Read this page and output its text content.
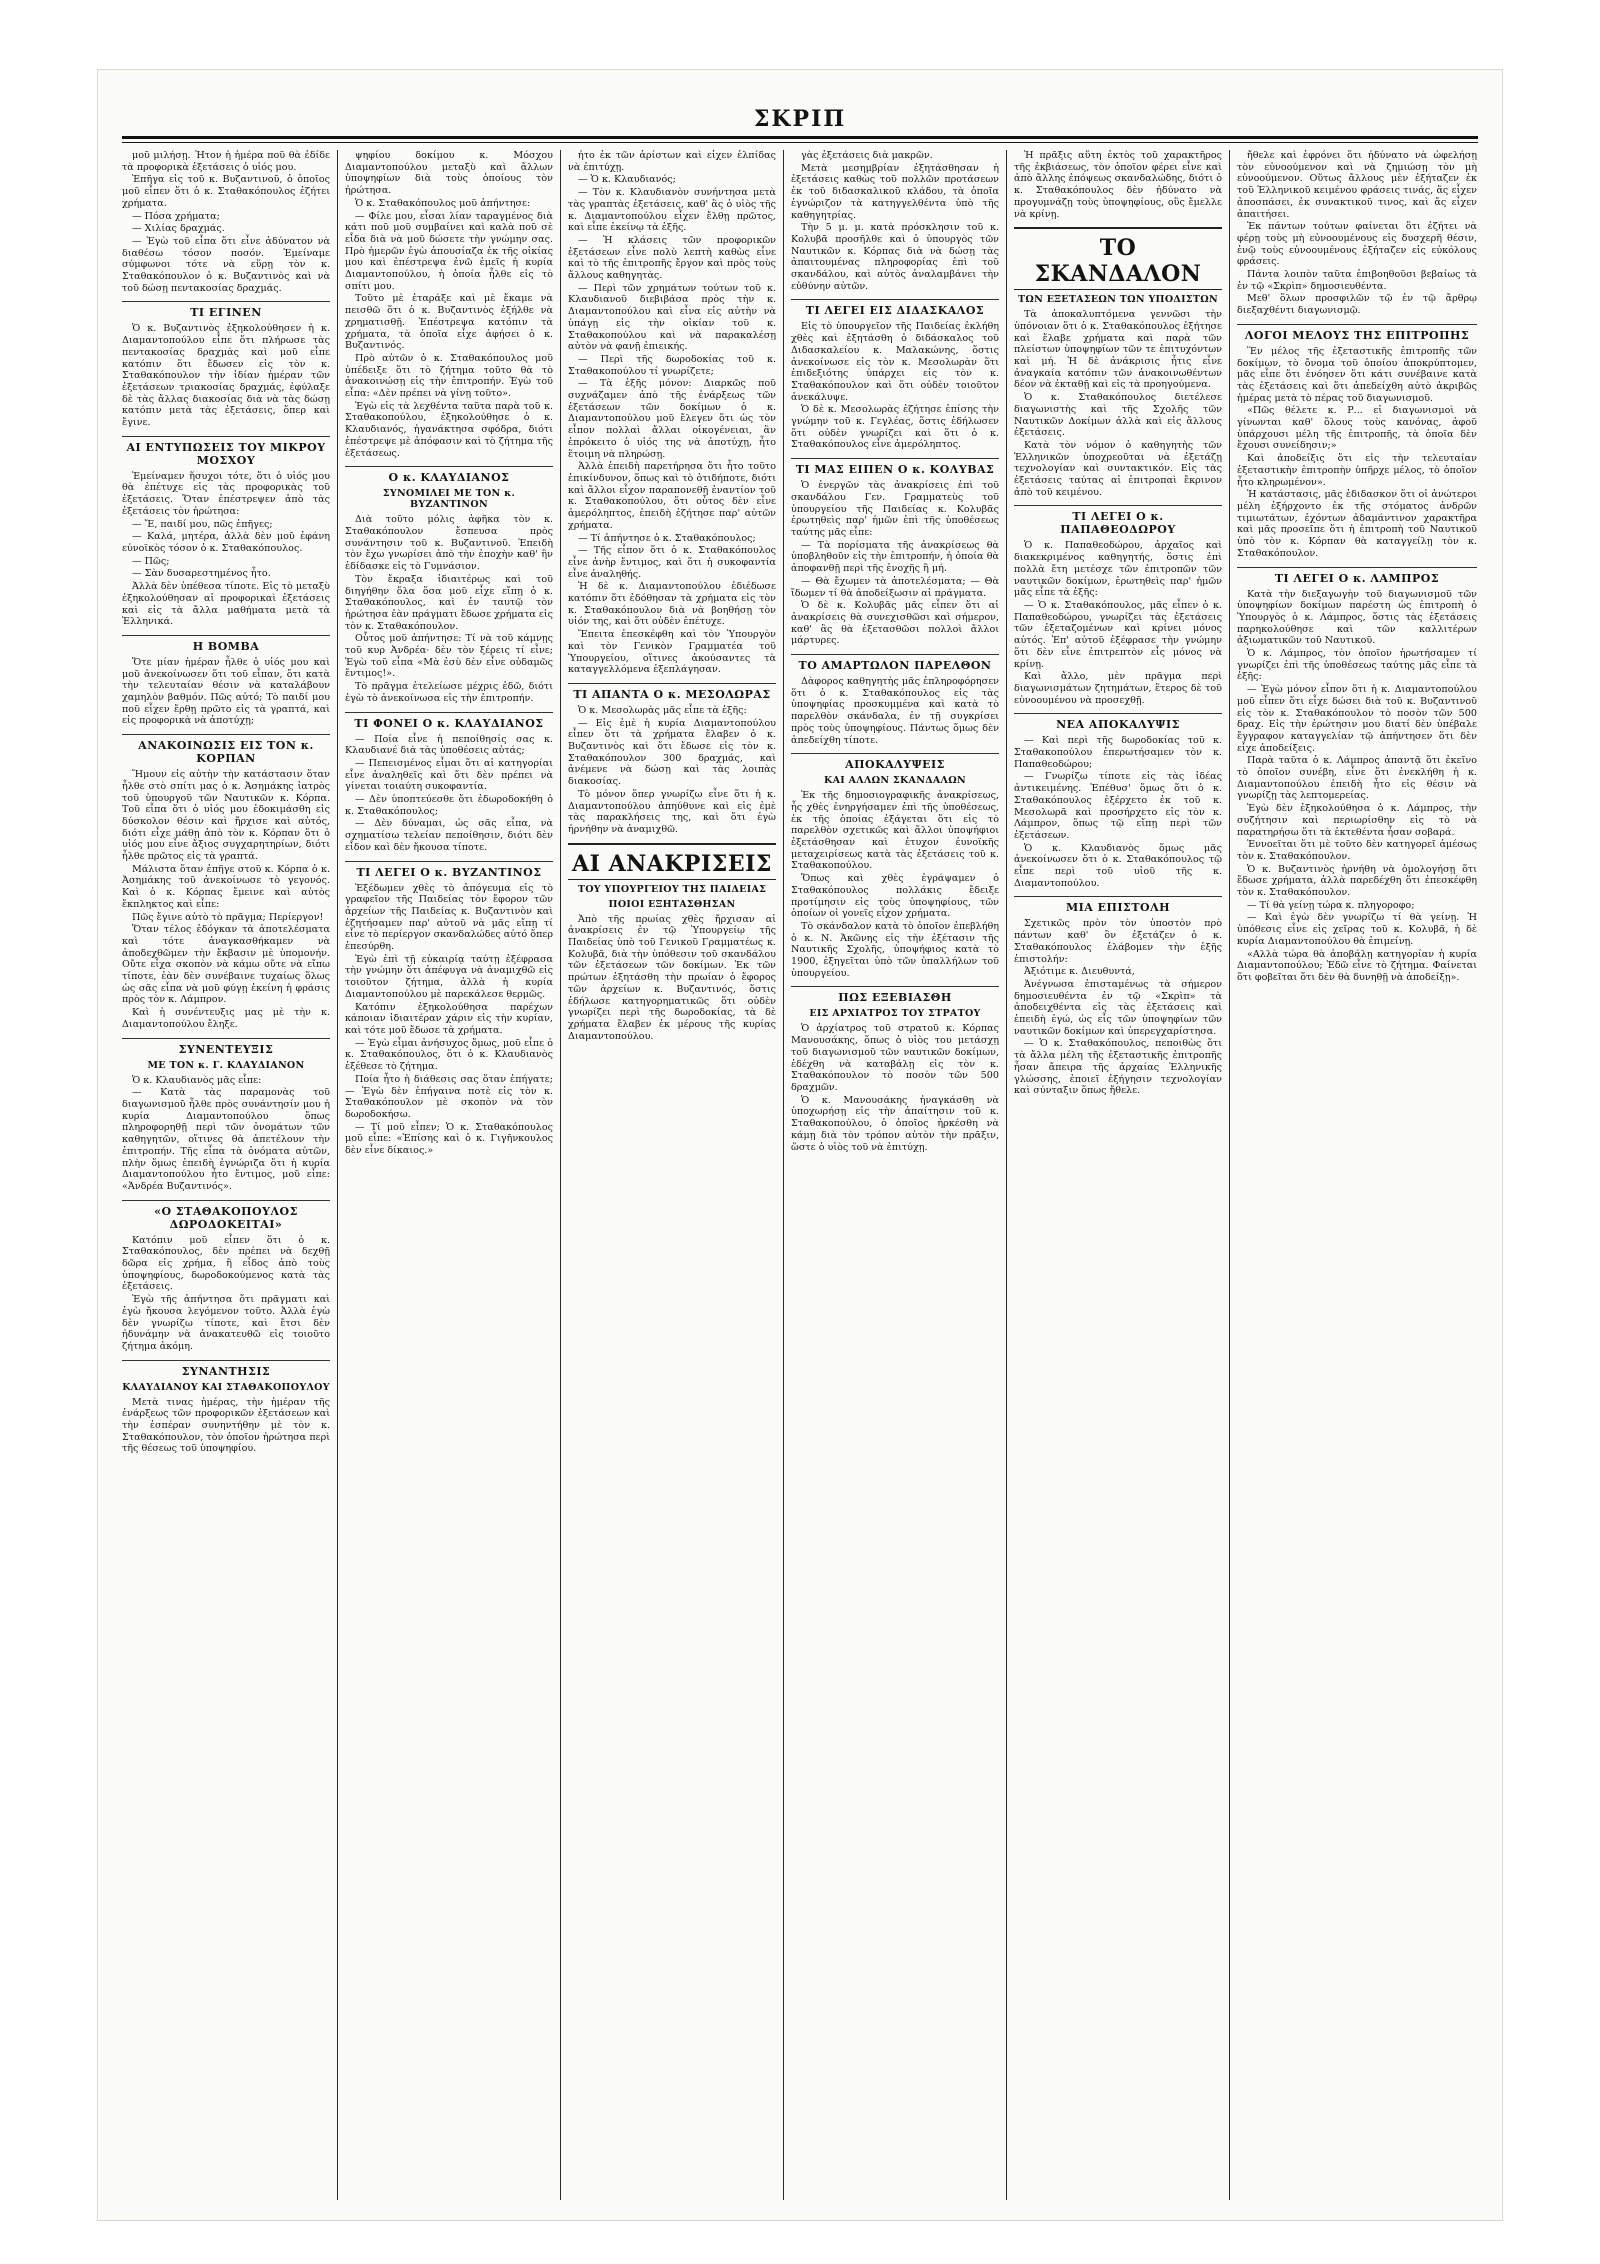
ΣΚΡΙΠ

μοῦ μιλήσῃ. Ἦτον ἡ ἡμέρα ποῦ θὰ ἐδίδε τὰ προφορικὰ ἐξετάσεις ὁ υἱός μου.

Ἐπῆγα εἰς τοῦ κ. Βυζαντινοῦ, ὁ ὁποῖος μοῦ εἶπεν ὅτι ὁ κ. Σταθακόπουλος ἐζήτει χρήματα.

— Πόσα χρήματα;

— Χιλίας δραχμάς.

— Ἐγὼ τοῦ εἶπα ὅτι εἶνε ἀδύνατον νὰ διαθέσω τόσον ποσόν. Ἐμείναμε σύμφωνοι τότε νὰ εὕρῃ τὸν κ. Σταθακόπουλον ὁ κ. Βυζαντινὸς καὶ νὰ τοῦ δώσῃ πεντακοσίας δραχμάς.

ΤΙ ΕΓΙΝΕΝ

Ὁ κ. Βυζαντινὸς ἐξηκολούθησεν ἡ κ. Διαμαντοπούλου εἶπε ὅτι πλήρωσε τὰς πεντακοσίας δραχμὰς καὶ μοῦ εἶπε κατόπιν ὅτι ἔδωσεν εἰς τὸν κ. Σταθακόπουλον τὴν ἰδίαν ἡμέραν τῶν ἐξετάσεων τριακοσίας δραχμάς, ἐφύλαξε δὲ τὰς ἄλλας διακοσίας διὰ νὰ τὰς δώσῃ κατόπιν μετὰ τὰς ἐξετάσεις, ὅπερ καὶ ἔγινε.

ΑΙ ΕΝΤΥΠΩΣΕΙΣ ΤΟΥ ΜΙΚΡΟΥ ΜΟΣΧΟΥ

Ἐμείναμεν ἥσυχοι τότε, ὅτι ὁ υἱός μου θὰ ἐπέτυχε εἰς τὰς προφορικὰς τοῦ ἐξετάσεις. Ὅταν ἐπέστρεψεν ἀπὸ τὰς ἐξετάσεις τὸν ἠρώτησα:

— Ἔ, παιδί μου, πῶς ἐπῆγες;

— Καλά, μητέρα, ἀλλὰ δὲν μοῦ ἐφάνη εὐνοϊκὸς τόσον ὁ κ. Σταθακόπουλος.

— Πῶς;

— Σὰν δυσαρεστημένος ἦτο.

Ἀλλὰ δὲν ὑπέθεσα τίποτε. Εἰς τὸ μεταξὺ ἐξηκολούθησαν αἱ προφορικαὶ ἐξετάσεις καὶ εἰς τὰ ἄλλα μαθήματα μετὰ τὰ Ἑλληνικά.

Η ΒΟΜΒΑ

Ὅτε μίαν ἡμέραν ἦλθε ὁ υἱός μου καὶ μοῦ ἀνεκοίνωσεν ὅτι τοῦ εἶπαν, ὅτι κατὰ τὴν τελευταίαν θέσιν νὰ καταλάβουν χαμηλὸν βαθμόν. Πῶς αὐτό; Τὸ παιδί μου ποῦ εἶχεν ἔρθῃ πρῶτο εἰς τὰ γραπτά, καὶ εἰς προφορικὰ νὰ ἀποτύχῃ;

ΑΝΑΚΟΙΝΩΣΙΣ ΕΙΣ ΤΟΝ κ. ΚΟΡΠΑΝ

Ἤμουν εἰς αὐτὴν τὴν κατάστασιν ὅταν ἦλθε στὸ σπίτι μας ὁ κ. Ἀσημάκης ἰατρὸς τοῦ ὑπουργοῦ τῶν Ναυτικῶν κ. Κόρπα. Τοῦ εἶπα ὅτι ὁ υἱός μου ἐδοκιμάσθη εἰς δύσκολον θέσιν καὶ ἤρχισε καὶ αὐτός, διότι εἶχε μάθῃ ἀπὸ τὸν κ. Κόρπαν ὅτι ὁ υἱός μου εἶνε ἄξιος συγχαρητηρίων, διότι ἦλθε πρῶτος εἰς τὰ γραπτά.

Μάλιστα ὅταν ἐπῆγε στοῦ κ. Κόρπα ὁ κ. Ἀσημάκης τοῦ ἀνεκοίνωσε τὸ γεγονός. Καὶ ὁ κ. Κόρπας ἔμεινε καὶ αὐτὸς ἔκπληκτος καὶ εἶπε:

Πῶς ἔγινε αὐτὸ τὸ πρᾶγμα; Περίεργον!

Ὅταν τέλος ἐδόγκαν τὰ ἀποτελέσματα καὶ τότε ἀναγκασθήκαμεν νὰ ἀποδεχθῶμεν τὴν ἔκβασιν μὲ ὑπομονήν. Οὔτε εἶχα σκοπὸν νὰ κάμω οὔτε νὰ εἴπω τίποτε, ἐὰν δὲν συνέβαινε τυχαίως ὅλως ὡς σᾶς εἶπα νὰ μοῦ φύγῃ ἐκείνη ἡ φράσις πρὸς τὸν κ. Λάμπρον.

Καὶ ἡ συνέντευξις μας μὲ τὴν κ. Διαμαντοπούλου ἔληξε.

ΣΥΝΕΝΤΕΥΞΙΣ
ΜΕ ΤΟΝ κ. Γ. ΚΛΑΥΔΙΑΝΟΝ

Ὁ κ. Κλαυδιανὸς μᾶς εἶπε:

— Κατὰ τὰς παραμονὰς τοῦ διαγωνισμοῦ ἦλθε πρὸς συνάντησίν μου ἡ κυρία Διαμαντοπούλου ὅπως πληροφορηθῇ περὶ τῶν ὀνομάτων τῶν καθηγητῶν, οἵτινες θὰ ἀπετέλουν τὴν ἐπιτροπήν. Τῆς εἶπα τὰ ὀνόματα αὐτῶν, πλὴν ὅμως ἐπειδὴ ἐγνώριζα ὅτι ἡ κυρία Διαμαντοπούλου ἦτο ἔντιμος, μοῦ εἶπε: «Ἀνδρέα Βυζαντινός».

«Ο ΣΤΑΘΑΚΟΠΟΥΛΟΣ ΔΩΡΟΔΟΚΕΙΤΑΙ»

Κατόπιν μοῦ εἶπεν ὅτι ὁ κ. Σταθακόπουλος, δὲν πρέπει νὰ δεχθῇ δῶρα εἰς χρήμα, ἢ εἶδος ἀπὸ τοὺς ὑποψηφίους, δωροδοκούμενος κατὰ τὰς ἐξετάσεις.

Ἐγὼ τῆς ἀπήντησα ὅτι πρᾶγματι καὶ ἐγὼ ἤκουσα λεγόμενον τοῦτο. Ἀλλὰ ἐγὼ δὲν γνωρίζω τίποτε, καὶ ἔτσι δὲν ἠδυνάμην νὰ ἀνακατευθῶ εἰς τοιοῦτο ζήτημα ἀκόμη.

ΣΥΝΑΝΤΗΣΙΣ
ΚΛΑΥΔΙΑΝΟΥ ΚΑΙ ΣΤΑΘΑΚΟΠΟΥΛΟΥ

Μετὰ τινας ἡμέρας, τὴν ἡμέραν τῆς ἐνάρξεως τῶν προφορικῶν ἐξετάσεων καὶ τὴν ἑσπέραν συνηντήθην μὲ τὸν κ. Σταθακόπουλον, τὸν ὁποῖον ἠρώτησα περὶ τῆς θέσεως τοῦ ὑποψηφίου.

ψηφίου δοκίμου κ. Μόσχου Διαμαντοπούλου μεταξὺ καὶ ἄλλων ὑποψηφίων διὰ τοὺς ὁποίους τὸν ἠρώτησα.

Ὁ κ. Σταθακόπουλος μοῦ ἀπήντησε:

— Φίλε μου, εἶσαι λίαν ταραγμένος διὰ κάτι ποῦ μοῦ συμβαίνει καὶ καλὰ ποῦ σὲ εἶδα διὰ νὰ μοῦ δώσετε τὴν γνώμην σας. Πρὸ ἡμερῶν ἐγὼ ἀπουσίαζα ἐκ τῆς οἰκίας μου καὶ ἐπέστρεψα ἐνῶ ἐμεῖς ἡ κυρία Διαμαντοπούλου, ἡ ὁποία ἦλθε εἰς τὸ σπίτι μου.

Τοῦτο μὲ ἐταράξε καὶ μὲ ἔκαμε νὰ πεισθῶ ὅτι ὁ κ. Βυζαντινὸς ἐξήλθε νὰ χρηματισθῇ. Ἐπέστρεψα κατόπιν τὰ χρήματα, τὰ ὁποῖα εἶχε ἀφήσει ὁ κ. Βυζαντινός.

Πρὸ αὐτῶν ὁ κ. Σταθακόπουλος μοῦ ὑπέδειξε ὅτι τὸ ζήτημα τοῦτο θὰ τὸ ἀνακοινώσῃ εἰς τὴν ἐπιτροπήν. Ἐγὼ τοῦ εἶπα: «Δὲν πρέπει νὰ γίνῃ τοῦτο».

Ἐγὼ εἰς τὰ λεχθέντα ταῦτα παρὰ τοῦ κ. Σταθακοπούλου, ἐξηκολούθησε ὁ κ. Κλαυδιανός, ἠγανάκτησα σφόδρα, διότι ἐπέστρεψε μὲ ἀπόφασιν καὶ τὸ ζήτημα τῆς ἐξετάσεως.

Ο κ. ΚΛΑΥΔΙΑΝΟΣ
ΣΥΝΟΜΙΛΕΙ ΜΕ ΤΟΝ κ. ΒΥΖΑΝΤΙΝΟΝ

Διὰ τοῦτο μόλις ἀφῆκα τὸν κ. Σταθακόπουλον ἔσπευσα πρὸς συνάντησιν τοῦ κ. Βυζαντινοῦ. Ἐπειδὴ τὸν ἔχω γνωρίσει ἀπὸ τὴν ἐποχὴν καθ' ἣν ἐδίδασκε εἰς τὸ Γυμνάσιον.

Τὸν ἔκραξα ἰδιαιτέρως καὶ τοῦ διηγήθην ὅλα ὅσα μοῦ εἶχε εἴπῃ ὁ κ. Σταθακόπουλος, καὶ ἐν ταυτῷ τὸν ἠρώτησα ἐὰν πράγματι ἔδωσε χρήματα εἰς τὸν κ. Σταθακόπουλον.

Οὗτος μοῦ ἀπήντησε: Τί νὰ τοῦ κάμνῃς τοῦ κυρ Ἀνδρέα· δὲν τὸν ξέρεις τί εἶνε; Ἐγὼ τοῦ εἶπα «Μὰ ἐσὺ δὲν εἶνε οὐδαμῶς ἔντιμος!».

Τὸ πρᾶγμα ἐτελείωσε μέχρις ἐδῶ, διότι ἐγὼ τὸ ἀνεκοίνωσα εἰς τὴν ἐπιτροπήν.

ΤΙ ΦΟΝΕΙ Ο κ. ΚΛΑΥΔΙΑΝΟΣ

— Ποία εἶνε ἡ πεποίθησίς σας κ. Κλαυδιανέ διὰ τὰς ὑποθέσεις αὐτάς;

— Πεπεισμένος εἶμαι ὅτι αἱ κατηγορίαι εἶνε ἀναληθεῖς καὶ ὅτι δὲν πρέπει νὰ γίνεται τοιαύτη συκοφαντία.

— Δὲν ὑποπτεύεσθε ὅτι ἐδωροδοκήθη ὁ κ. Σταθακόπουλος;

— Δὲν δύναμαι, ὡς σᾶς εἶπα, νὰ σχηματίσω τελείαν πεποίθησιν, διότι δὲν εἶδον καὶ δὲν ἤκουσα τίποτε.

ΤΙ ΛΕΓΕΙ Ο κ. ΒΥΖΑΝΤΙΝΟΣ

Ἐξέδωμεν χθὲς τὸ ἀπόγευμα εἰς τὸ γραφεῖον τῆς Παιδείας τὸν ἔφορον τῶν ἀρχείων τῆς Παιδείας κ. Βυζαντινὸν καὶ ἐζητήσαμεν παρ' αὐτοῦ νὰ μᾶς εἴπῃ τί εἶνε τὸ περίεργον σκανδαλώδες αὐτό ὅπερ ἐπεσύρθη.

Ἐγὼ ἐπὶ τῇ εὐκαιρίᾳ ταύτῃ ἐξέφρασα τὴν γνώμην ὅτι ἀπέφυγα νὰ ἀναμιχθῶ εἰς τοιοῦτον ζήτημα, ἀλλὰ ἡ κυρία Διαμαντοπούλου μὲ παρεκάλεσε θερμῶς.

Κατόπιν ἐξηκολούθησα παρέχων κάποιαν ἰδιαιτέραν χάριν εἰς τὴν κυρίαν, καὶ τότε μοῦ ἔδωσε τὰ χρήματα.

— Ἐγὼ εἶμαι ἀνήσυχος ὅμως, μοῦ εἶπε ὁ κ. Σταθακόπουλος, ὅτι ὁ κ. Κλαυδιανὸς ἐξέθεσε τὸ ζήτημα.

Ποία ἦτο ἡ διάθεσις σας ὅταν ἐπήγατε; — Ἐγὼ δὲν ἐπήγαινα ποτὲ εἰς τὸν κ. Σταθακόπουλον μὲ σκοπὸν νὰ τὸν δωροδοκήσω.

— Τί μοῦ εἶπεν; Ὁ κ. Σταθακόπουλος μοῦ εἶπε: «Ἐπίσης καὶ ὁ κ. Γιγῆνκουλος δὲν εἶνε δίκαιος.»

ἦτο ἐκ τῶν ἀρίστων καὶ εἶχεν ἐλπίδας νὰ ἐπιτύχῃ.

— Ὁ κ. Κλαυδιανός;

— Τὸν κ. Κλαυδιανὸν συνήντησα μετὰ τὰς γραπτὰς ἐξετάσεις, καθ' ἃς ὁ υἱὸς τῆς κ. Διαμαντοπούλου εἶχεν ἔλθῃ πρῶτος, καὶ εἶπε ἐκείνῳ τὰ ἑξῆς.

— Ἡ κλάσεις τῶν προφορικῶν ἐξετάσεων εἶνε πολὺ λεπτὴ καθὼς εἶνε καὶ τὸ τῆς ἐπιτροπῆς ἔργον καὶ πρὸς τοὺς ἄλλους καθηγητὰς.

— Περὶ τῶν χρημάτων τούτων τοῦ κ. Κλαυδιανοῦ διεβιβάσα πρὸς τὴν κ. Διαμαντοπούλου καὶ εἶνα εἰς αὐτὴν νὰ ὑπάγῃ εἰς τὴν οἰκίαν τοῦ κ. Σταθακοπούλου καὶ νὰ παρακαλέσῃ αὐτὸν νὰ φανῇ ἐπιεικής.

— Περὶ τῆς δωροδοκίας τοῦ κ. Σταθακοπούλου τί γνωρίζετε;

— Τὰ ἑξῆς μόνον: Διαρκῶς ποῦ συχνάζαμεν ἀπὸ τῆς ἐνάρξεως τῶν ἐξετάσεων τῶν δοκίμων ὁ κ. Διαμαντοπούλου μοῦ ἔλεγεν ὅτι ὡς τὸν εἶπον πολλαὶ ἄλλαι οἰκογένειαι, ἂν ἐπρόκειτο ὁ υἱός της νὰ ἀποτύχῃ, ἦτο ἕτοιμη νὰ πληρώσῃ.

Ἀλλὰ ἐπειδὴ παρετήρησα ὅτι ἦτο τοῦτο ἐπικίνδυνον, ὅπως καὶ τὸ ὁτιδήποτε, διότι καὶ ἄλλοι εἶχον παραπονεθῆ ἐναντίον τοῦ κ. Σταθακοπούλου, ὅτι οὗτος δὲν εἶνε ἀμερόληπτος, ἐπειδὴ ἐζήτησε παρ' αὐτῶν χρήματα.

— Τί ἀπήντησε ὁ κ. Σταθακόπουλος;

— Τῆς εἶπον ὅτι ὁ κ. Σταθακόπουλος εἶνε ἀνὴρ ἔντιμος, καὶ ὅτι ἡ συκοφαντία εἶνε ἀναληθής.

Ἡ δὲ κ. Διαμαντοπούλου ἐδιέδωσε κατόπιν ὅτι ἐδόθησαν τὰ χρήματα εἰς τὸν κ. Σταθακόπουλον διὰ νὰ βοηθήσῃ τὸν υἱόν της, καὶ ὅτι οὐδὲν ἐπέτυχε.

Ἔπειτα ἐπεσκέφθη καὶ τὸν Ὑπουργὸν καὶ τὸν Γενικὸν Γραμματέα τοῦ Ὑπουργείου, οἵτινες ἀκούσαντες τὰ καταγγελλόμενα ἐξεπλάγησαν.

ΤΙ ΑΠΑΝΤΑ Ο κ. ΜΕΣΟΛΩΡΑΣ

Ὁ κ. Μεσολωρὰς μᾶς εἶπε τὰ ἑξῆς:

— Εἰς ἐμὲ ἡ κυρία Διαμαντοπούλου εἶπεν ὅτι τὰ χρήματα ἔλαβεν ὁ κ. Βυζαντινὸς καὶ ὅτι ἔδωσε εἰς τὸν κ. Σταθακόπουλον 300 δραχμάς, καὶ ἀνέμενε νὰ δώσῃ καὶ τὰς λοιπὰς διακοσίας.

Τὸ μόνον ὅπερ γνωρίζω εἶνε ὅτι ἡ κ. Διαμαντοπούλου ἀπηύθυνε καὶ εἰς ἐμὲ τὰς παρακλήσεις της, καὶ ὅτι ἐγὼ ἠρνήθην νὰ ἀναμιχθῶ.

ΑΙ ΑΝΑΚΡΙΣΕΙΣ
ΤΟΥ ΥΠΟΥΡΓΕΙΟΥ ΤΗΣ ΠΑΙΔΕΙΑΣ
ΠΟΙΟΙ ΕΞΗΤΑΣΘΗΣΑΝ

Ἀπὸ τῆς πρωίας χθὲς ἤρχισαν αἱ ἀνακρίσεις ἐν τῷ Ὑπουργείῳ τῆς Παιδείας ὑπὸ τοῦ Γενικοῦ Γραμματέως κ. Κολυβᾶ, διὰ τὴν ὑπόθεσιν τοῦ σκανδάλου τῶν ἐξετάσεων τῶν δοκίμων. Ἐκ τῶν πρώτων ἐξητάσθη τὴν πρωίαν ὁ ἔφορος τῶν ἀρχείων κ. Βυζαντινός, ὅστις ἐδήλωσε κατηγορηματικῶς ὅτι οὐδὲν γνωρίζει περὶ τῆς δωροδοκίας, τὰ δὲ χρήματα ἔλαβεν ἐκ μέρους τῆς κυρίας Διαμαντοπούλου.

γὰς ἐξετάσεις διὰ μακρῶν.

Μετὰ μεσημβρίαν ἐξητάσθησαν ἡ ἐξετάσεις καθὼς τοῦ πολλῶν προτάσεων ἐκ τοῦ διδασκαλικοῦ κλάδου, τὰ ὁποῖα ἐγνώριζον τὰ κατηγγελθέντα ὑπὸ τῆς καθηγητρίας.

Τὴν 5 μ. μ. κατὰ πρόσκλησιν τοῦ κ. Κολυβᾶ προσῆλθε καὶ ὁ ὑπουργὸς τῶν Ναυτικῶν κ. Κόρπας διὰ νὰ δώσῃ τὰς ἀπαιτουμένας πληροφορίας ἐπὶ τοῦ σκανδάλου, καὶ αὐτὸς ἀναλαμβάνει τὴν εὐθύνην αὐτῶν.

ΤΙ ΛΕΓΕΙ ΕΙΣ ΔΙΔΑΣΚΑΛΟΣ

Εἰς τὸ ὑπουργεῖον τῆς Παιδείας ἐκλήθη χθὲς καὶ ἐξητάσθη ὁ διδάσκαλος τοῦ Διδασκαλείου κ. Μαλακώνης, ὅστις ἀνεκοίνωσε εἰς τὸν κ. Μεσολωρὰν ὅτι ἐπιδεξιότης ὑπάρχει εἰς τὸν κ. Σταθακόπουλον καὶ ὅτι οὐδὲν τοιοῦτον ἀνεκάλυψε.

Ὁ δὲ κ. Μεσολωρὰς ἐζήτησε ἐπίσης τὴν γνώμην τοῦ κ. Γεγλέας, ὅστις ἐδήλωσεν ὅτι οὐδὲν γνωρίζει καὶ ὅτι ὁ κ. Σταθακόπουλος εἶνε ἀμερόληπτος.

ΤΙ ΜΑΣ ΕΙΠΕΝ Ο κ. ΚΟΛΥΒΑΣ

Ὁ ἐνεργῶν τὰς ἀνακρίσεις ἐπὶ τοῦ σκανδάλου Γεν. Γραμματεὺς τοῦ ὑπουργείου τῆς Παιδείας κ. Κολυβᾶς ἐρωτηθεὶς παρ' ἡμῶν ἐπὶ τῆς ὑποθέσεως ταύτης μᾶς εἶπε:

— Τὰ πορίσματα τῆς ἀνακρίσεως θὰ ὑποβληθοῦν εἰς τὴν ἐπιτροπήν, ἡ ὁποία θὰ ἀποφανθῇ περὶ τῆς ἐνοχῆς ἢ μή.

— Θὰ ἔχωμεν τὰ ἀποτελέσματα; — Θὰ ἴδωμεν τί θὰ ἀποδείξωσιν αἱ πράγματα.

Ὁ δὲ κ. Κολυβᾶς μᾶς εἶπεν ὅτι αἱ ἀνακρίσεις θὰ συνεχισθῶσι καὶ σήμερον, καθ' ἃς θὰ ἐξετασθῶσι πολλοὶ ἄλλοι μάρτυρες.

ΤΟ ΑΜΑΡΤΩΛΟΝ ΠΑΡΕΛΘΟΝ

Δὰφορος καθηγητὴς μᾶς ἐπληροφόρησεν ὅτι ὁ κ. Σταθακόπουλος εἰς τὰς ὑποψηφίας προσκυμμένα καὶ κατὰ τὸ παρελθὸν σκάνδαλα, ἐν τῇ συγκρίσει πρὸς τοὺς ὑποψηφίους. Πάντως ὅμως δὲν ἀπεδείχθη τίποτε.

ΑΠΟΚΑΛΥΨΕΙΣ
ΚΑΙ ΑΛΛΩΝ ΣΚΑΝΔΑΛΩΝ

Ἐκ τῆς δημοσιογραφικῆς ἀνακρίσεως, ἧς χθὲς ἐνηργήσαμεν ἐπὶ τῆς ὑποθέσεως, ἐκ τῆς ὁποίας ἐξάγεται ὅτι εἰς τὸ παρελθὸν σχετικῶς καὶ ἄλλοι ὑποψήφιοι ἐξετάσθησαν καὶ ἐτυχον ἐυνοϊκῆς μεταχειρίσεως κατὰ τὰς ἐξετάσεις τοῦ κ. Σταθακοπούλου.

Ὅπως καὶ χθὲς ἐγράψαμεν ὁ Σταθακόπουλος πολλάκις ἔδειξε προτίμησιν εἰς τοὺς ὑποψηφίους, τῶν ὁποίων οἱ γονεῖς εἶχον χρήματα.

Τὸ σκάνδαλον κατὰ τὸ ὁποῖον ἐπεβλήθη ὁ κ. Ν. Ἀκῶνης εἰς τὴν ἐξέτασιν τῆς Ναυτικῆς Σχολῆς, ὑποψήφιος κατὰ τὸ 1900, ἐξηγεῖται ὑπὸ τῶν ὑπαλλήλων τοῦ ὑπουργείου.

ΠΩΣ ΕΞΕΒΙΑΣΘΗ
ΕΙΣ ΑΡΧΙΑΤΡΟΣ ΤΟΥ ΣΤΡΑΤΟΥ

Ὁ ἀρχίατρος τοῦ στρατοῦ κ. Κόρπας Μανουσάκης, ὅπως ὁ υἱὸς του μετάσχῃ τοῦ διαγωνισμοῦ τῶν ναυτικῶν δοκίμων, ἐδέχθη νὰ καταβάλῃ εἰς τὸν κ. Σταθακόπουλον τὸ ποσὸν τῶν 500 δραχμῶν.

Ὁ κ. Μανουσάκης ἠναγκάσθη νὰ ὑποχωρήσῃ εἰς τὴν ἀπαίτησιν τοῦ κ. Σταθακοπούλου, ὁ ὁποῖος ἠρκέσθη νὰ κάμῃ διὰ τὸν τρόπον αὐτὸν τὴν πρᾶξιν, ὥστε ὁ υἱὸς τοῦ νὰ ἐπιτύχῃ.

Ἡ πρᾶξις αὕτη ἐκτὸς τοῦ χαρακτῆρος τῆς ἐκβιάσεως, τὸν ὁποῖον φέρει εἶνε καὶ ἀπὸ ἄλλης ἐπόψεως σκανδαλώδης, διότι ὁ κ. Σταθακόπουλος δὲν ἠδύνατο νὰ προγυμνάζῃ τοὺς ὑποψηφίους, οὓς ἔμελλε νὰ κρίνῃ.

ΤΟ ΣΚΑΝΔΑΛΟΝ
ΤΩΝ ΕΞΕΤΑΣΕΩΝ ΤΩΝ ΥΠΟΔΙΣΤΩΝ

Τὰ ἀποκαλυπτόμενα γεννῶσι τὴν ὑπόνοιαν ὅτι ὁ κ. Σταθακόπουλος ἐξήτησε καὶ ἔλαβε χρήματα καὶ παρὰ τῶν πλείστων ὑποψηφίων τῶν τε ἐπιτυχόντων καὶ μή. Ἡ δὲ ἀνάκρισις ἦτις εἶνε ἀναγκαία κατόπιν τῶν ἀνακοινωθέντων δέον νὰ ἐκταθῇ καὶ εἰς τὰ προηγούμενα.

Ὁ κ. Σταθακόπουλος διετέλεσε διαγωνιστὴς καὶ τῆς Σχολῆς τῶν Ναυτικῶν Δοκίμων ἀλλὰ καὶ εἰς ἄλλους ἐξετάσεις.

Κατὰ τὸν νόμον ὁ καθηγητὴς τῶν Ἑλληνικῶν ὑποχρεοῦται νὰ ἐξετάζῃ τεχνολογίαν καὶ συντακτικόν. Εἰς τὰς ἐξετάσεις ταύτας αἱ ἐπιτροπαὶ ἔκρινον ἀπὸ τοῦ κειμένου.

ΤΙ ΛΕΓΕΙ Ο κ. ΠΑΠΑΘΕΟΔΩΡΟΥ

Ὁ κ. Παπαθεοδώρου, ἀρχαῖος καὶ διακεκριμένος καθηγητής, ὅστις ἐπὶ πολλὰ ἔτη μετέσχε τῶν ἐπιτροπῶν τῶν ναυτικῶν δοκίμων, ἐρωτηθεὶς παρ' ἡμῶν μᾶς εἶπε τὰ ἑξῆς:

— Ὁ κ. Σταθακόπουλος, μᾶς εἶπεν ὁ κ. Παπαθεοδώρου, γνωρίζει τὰς ἐξετάσεις τῶν ἐξεταζομένων καὶ κρίνει μόνος αὐτός. Ἐπ' αὐτοῦ ἐξέφρασε τὴν γνώμην ὅτι δὲν εἶνε ἐπιτρεπτὸν εἷς μόνος νὰ κρίνῃ.

Καὶ ἄλλο, μὲν πρᾶγμα περὶ διαγωνισμάτων ζητημάτων, ἕτερος δὲ τοῦ εὐνοουμένου νὰ προσεχθῇ.

ΝΕΑ ΑΠΟΚΑΛΥΨΙΣ

— Καὶ περὶ τῆς δωροδοκίας τοῦ κ. Σταθακοπούλου ἐπερωτήσαμεν τὸν κ. Παπαθεοδώρου;

— Γνωρίζω τίποτε εἰς τὰς ἰδέας ἀντικειμένης. Ἐπέθυσ' ὅμως ὅτι ὁ κ. Σταθακόπουλος ἐξέρχετο ἐκ τοῦ κ. Μεσολωρᾶ καὶ προσήρχετο εἰς τὸν κ. Λάμπρον, ὅπως τῷ εἴπῃ περὶ τῶν ἐξετάσεων.

Ὁ κ. Κλαυδιανὸς ὅμως μᾶς ἀνεκοίνωσεν ὅτι ὁ κ. Σταθακόπουλος τῷ εἶπε περὶ τοῦ υἱοῦ τῆς κ. Διαμαντοπούλου.

ΜΙΑ ΕΠΙΣΤΟΛΗ

Σχετικῶς πρὸν τὸν ὑποστὸν πρὸ πάντων καθ' ὃν ἐξετάζεν ὁ κ. Σταθακόπουλος ἐλάβομεν τὴν ἑξῆς ἐπιστολήν:

Ἀξιότιμε κ. Διευθυντά,

Ἀνέγνωσα ἐπισταμένως τὰ σήμερον δημοσιευθέντα ἐν τῷ «Σκρὶπ» τὰ ἀποδειχθέντα εἰς τὰς ἐξετάσεις καὶ ἐπειδὴ ἐγώ, ὡς εἷς τῶν ὑποψηφίων τῶν ναυτικῶν δοκίμων καὶ ὑπερεγχαρίστησα.

— Ὁ κ. Σταθακόπουλος, πεποιθὼς ὅτι τὰ ἄλλα μέλη τῆς ἐξεταστικῆς ἐπιτροπῆς ἦσαν ἄπειρα τῆς ἀρχαίας Ἑλληνικῆς γλώσσης, ἐποιεῖ ἐξήγησιν τεχνολογίαν καὶ σύνταξιν ὅπως ἤθελε.

ἤθελε καὶ ἐφρόνει ὅτι ἠδύνατο νὰ ὠφελήσῃ τὸν εὐνοούμενον καὶ νὰ ζημιώσῃ τὸν μὴ εὐνοούμενον. Οὕτως ἄλλους μὲν ἐξήταζεν ἐκ τοῦ Ἑλληνικοῦ κειμένου φράσεις τινάς, ἅς εἶχεν ἀποσπάσει, ἐκ συνακτικοῦ τινος, καὶ ἄς εἶχεν ἀπαιτήσει.

Ἐκ πάντων τούτων φαίνεται ὅτι ἐζήτει νὰ φέρῃ τοὺς μὴ εὐνοουμένους εἰς δυσχερῆ θέσιν, ἐνῷ τοὺς εὐνοουμένους ἐξήταζεν εἰς εὐκόλους φράσεις.

Πάντα λοιπὸν ταῦτα ἐπιβοηθοῦσι βεβαίως τὰ ἐν τῷ «Σκρὶπ» δημοσιευθέντα.

Μεθ' ὅλων προσφιλῶν τῷ ἐν τῷ ἄρθρῳ διεξαχθέντι διαγωνισμῷ.

ΛΟΓΟΙ ΜΕΛΟΥΣ ΤΗΣ ΕΠΙΤΡΟΠΗΣ

Ἕν μέλος τῆς ἐξεταστικῆς ἐπιτροπῆς τῶν δοκίμων, τὸ ὄνομα τοῦ ὁποίου ἀποκρύπτομεν, μᾶς εἶπε ὅτι ἐνόησεν ὅτι κάτι συνέβαινε κατὰ τὰς ἐξετάσεις καὶ ὅτι ἀπεδείχθη αὐτὸ ἀκριβῶς ἡμέρας μετὰ τὸ πέρας τοῦ διαγωνισμοῦ.

«Πῶς θέλετε κ. Ρ... εἰ διαγωνισμοὶ νὰ γίνωνται καθ' ὅλους τοὺς κανόνας, ἀφοῦ ὑπάρχουσι μέλη τῆς ἐπιτροπῆς, τὰ ὁποῖα δὲν ἔχουσι συνείδησιν;»

Καὶ ἀποδείξις ὅτι εἰς τὴν τελευταίαν ἐξεταστικὴν ἐπιτροπὴν ὑπῆρχε μέλος, τὸ ὁποῖον ἦτο κληρωμένον».

Ἡ κατάστασις, μᾶς ἐδιδασκον ὅτι οἱ ἀνώτεροι μέλη ἐξήρχοντο ἐκ τῆς στόματος ἀνδρῶν τιμιωτάτων, ἐχόντων ἀδαμάντινον χαρακτῆρα καὶ μᾶς προσεῖπε ὅτι ἡ ἐπιτροπὴ τοῦ Ναυτικοῦ ὑπὸ τὸν κ. Κόρπαν θὰ καταγγείλῃ τὸν κ. Σταθακόπουλον.

ΤΙ ΛΕΓΕΙ Ο κ. ΛΑΜΠΡΟΣ

Κατὰ τὴν διεξαγωγὴν τοῦ διαγωνισμοῦ τῶν ὑποψηφίων δοκίμων παρέστη ὡς ἐπιτροπὴ ὁ Ὑπουργὸς ὁ κ. Λάμπρος, ὅστις τὰς ἐξετάσεις παρηκολούθησε καὶ τῶν καλλιτέρων ἀξιωματικῶν τοῦ Ναυτικοῦ.

Ὁ κ. Λάμπρος, τὸν ὁποῖον ἠρωτήσαμεν τί γνωρίζει ἐπὶ τῆς ὑποθέσεως ταύτης μᾶς εἶπε τὰ ἑξῆς:

— Ἐγὼ μόνον εἶπον ὅτι ἡ κ. Διαμαντοπούλου μοῦ εἶπεν ὅτι εἶχε δώσει διὰ τοῦ κ. Βυζαντινοῦ εἰς τὸν κ. Σταθακόπουλον τὸ ποσὸν τῶν 500 δραχ. Εἰς τὴν ἐρώτησιν μου διατί δὲν ὑπέβαλε ἔγγραφον καταγγελίαν τῷ ἀπήντησεν ὅτι δὲν εἶχε ἀποδείξεις.

Παρὰ ταῦτα ὁ κ. Λάμπρος ἀπαντᾷ ὅτι ἐκεῖνο τὸ ὁποῖον συνέβη, εἶνε ὅτι ἐνεκλήθη ἡ κ. Διαμαντοπούλου ἐπειδὴ ἦτο εἰς θέσιν νὰ γνωρίζῃ τὰς λεπτομερείας.

Ἐγὼ δὲν ἐξηκολούθησα ὁ κ. Λάμπρος, τὴν συζήτησιν καὶ περιωρίσθην εἰς τὸ νὰ παρατηρήσω ὅτι τὰ ἐκτεθέντα ἦσαν σοβαρά.

Ἐννοεῖται ὅτι μὲ τοῦτο δὲν κατηγορεῖ ἀμέσως τὸν κ. Σταθακόπουλον.

Ὁ κ. Βυζαντινὸς ἠρνήθη νὰ ὁμολογήσῃ ὅτι ἔδωσε χρήματα, ἀλλὰ παρεδέχθη ὅτι ἐπεσκέφθη τὸν κ. Σταθακόπουλον.

— Τί θὰ γείνῃ τώρα κ. πληγοροφο;

— Καὶ ἐγὼ δὲν γνωρίζω τί θὰ γείνῃ. Ἡ ὑπόθεσις εἶνε εἰς χεῖρας τοῦ κ. Κολυβᾶ, ἡ δὲ κυρία Διαμαντοπούλου θὰ ἐπιμείνῃ.

«Αλλὰ τώρα θὰ ἀποβάλῃ κατηγορίαν ἡ κυρία Διαμαντοπούλου; Ἐδῶ εἶνε τὸ ζήτημα. Φαίνεται ὅτι φοβεῖται ὅτι δὲν θὰ δυνηθῇ νὰ ἀποδείξῃ».
